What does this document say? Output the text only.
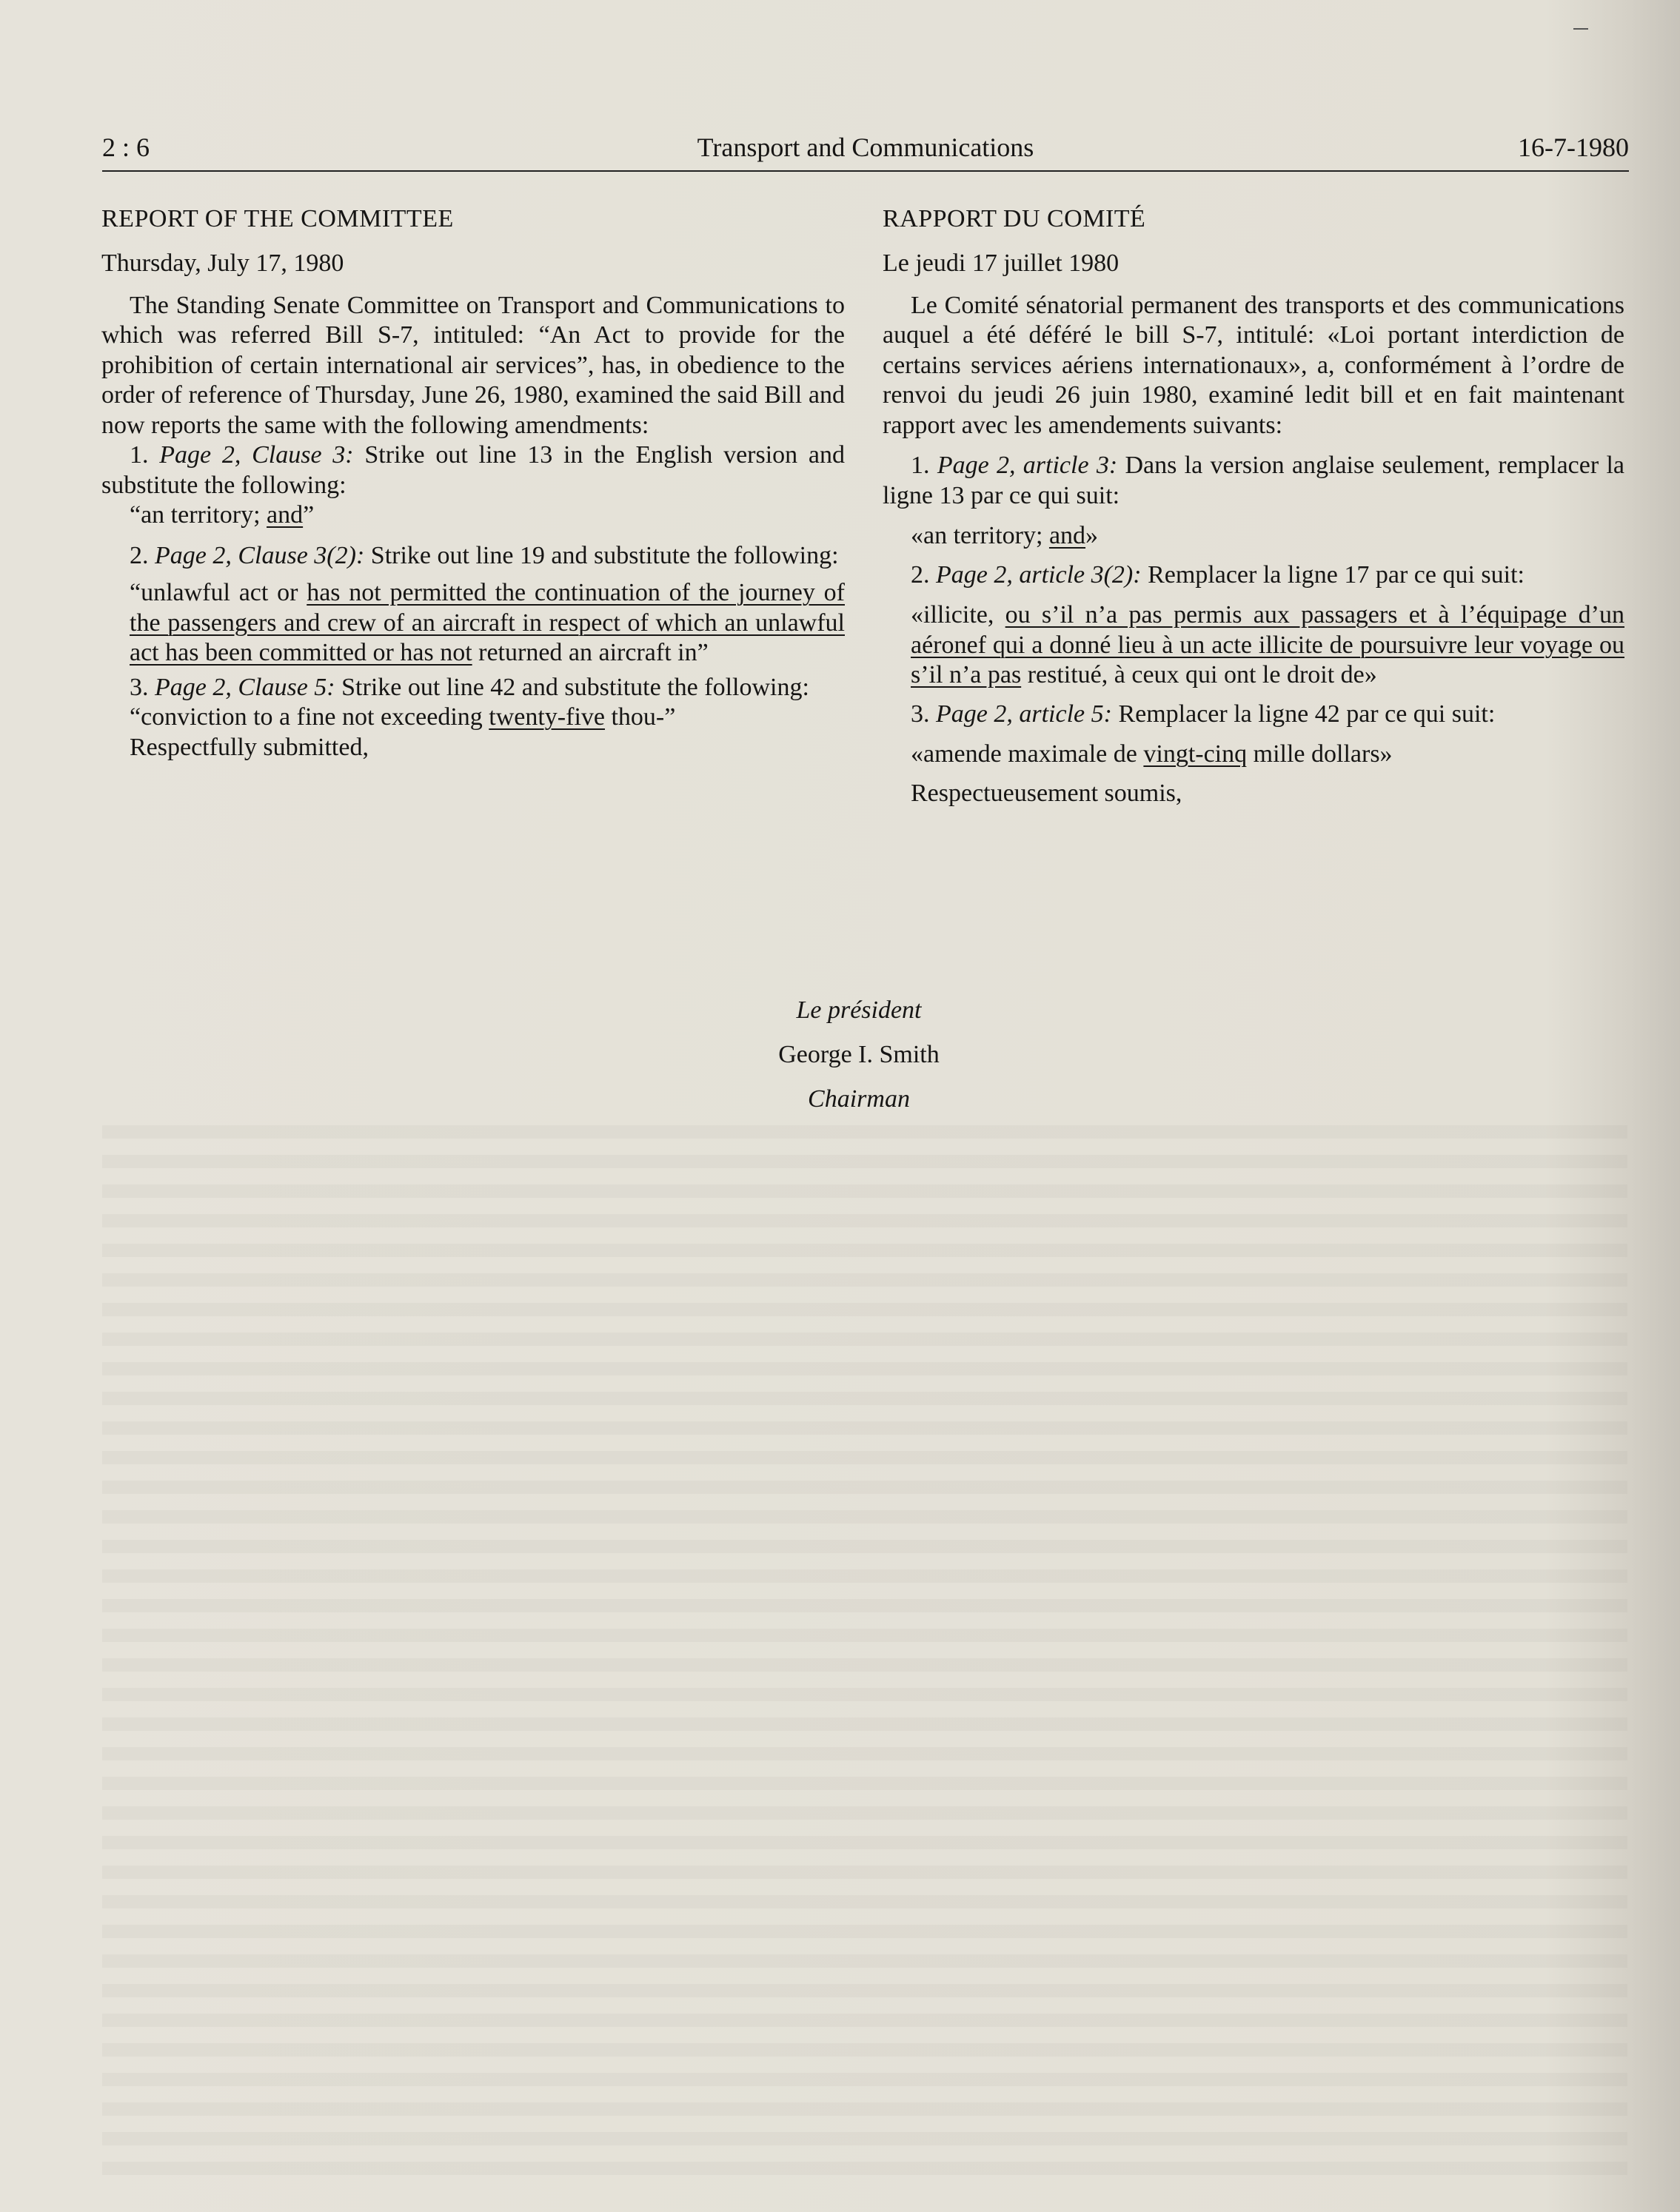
2 : 6	Transport and Communications	16-7-1980
REPORT OF THE COMMITTEE
Thursday, July 17, 1980

The Standing Senate Committee on Transport and Communications to which was referred Bill S-7, intituled: “An Act to provide for the prohibition of certain international air services”, has, in obedience to the order of reference of Thursday, June 26, 1980, examined the said Bill and now reports the same with the following amendments:

1. Page 2, Clause 3: Strike out line 13 in the English version and substitute the following:

“an territory; and”

2. Page 2, Clause 3(2): Strike out line 19 and substitute the following:

“unlawful act or has not permitted the continuation of the journey of the passengers and crew of an aircraft in respect of which an unlawful act has been committed or has not returned an aircraft in”

3. Page 2, Clause 5: Strike out line 42 and substitute the following:

“conviction to a fine not exceeding twenty-five thou-”

Respectfully submitted,

RAPPORT DU COMITÉ
Le jeudi 17 juillet 1980

Le Comité sénatorial permanent des transports et des communications auquel a été déféré le bill S-7, intitulé: «Loi portant interdiction de certains services aériens internationaux», a, conformément à l’ordre de renvoi du jeudi 26 juin 1980, examiné ledit bill et en fait maintenant rapport avec les amendements suivants:

1. Page 2, article 3: Dans la version anglaise seulement, remplacer la ligne 13 par ce qui suit:

«an territory; and»

2. Page 2, article 3(2): Remplacer la ligne 17 par ce qui suit:

«illicite, ou s’il n’a pas permis aux passagers et à l’équipage d’un aéronef qui a donné lieu à un acte illicite de poursuivre leur voyage ou s’il n’a pas restitué, à ceux qui ont le droit de»

3. Page 2, article 5: Remplacer la ligne 42 par ce qui suit:

«amende maximale de vingt-cinq mille dollars»

Respectueusement soumis,

Le président
George I. Smith
Chairman
